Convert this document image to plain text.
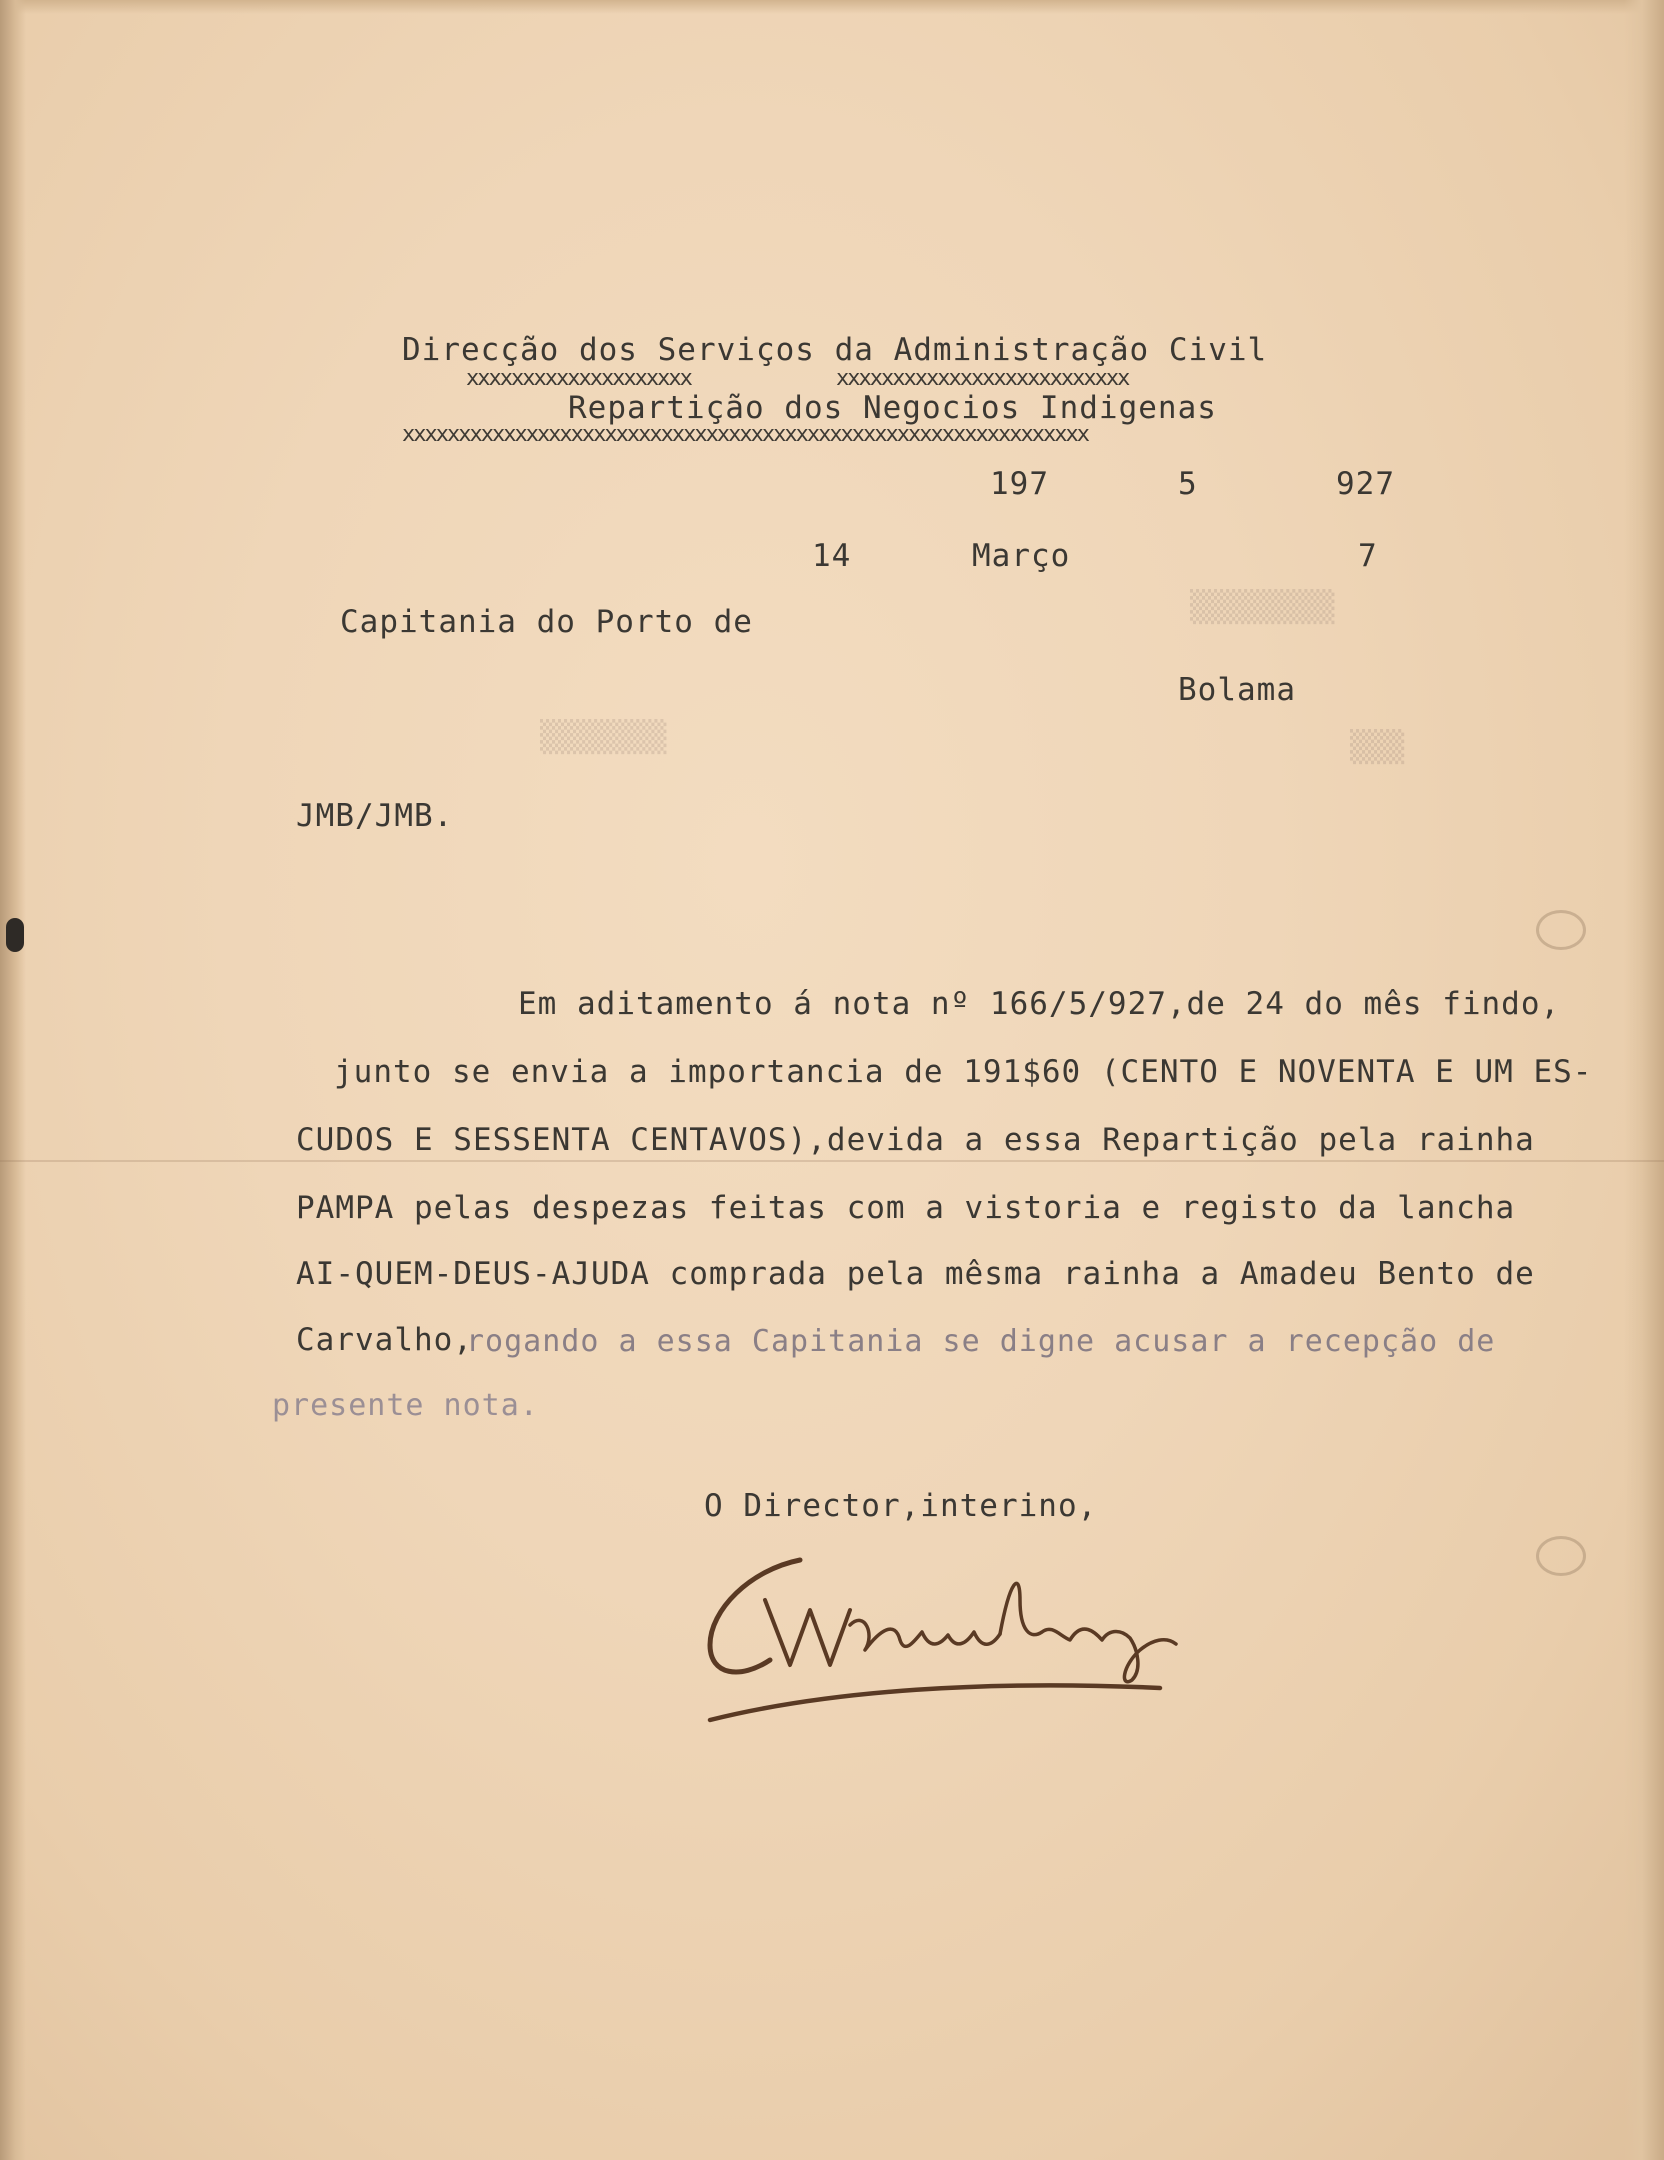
▒▒▒▒▒▒▒▒
▒▒▒▒▒▒▒	▒▒▒
Direcção dos Serviços da Administração Civil
xxxxxxxxxxxxxxxxxxxx	xxxxxxxxxxxxxxxxxxxxxxxxxx
Repartição dos Negocios Indigenas
xxxxxxxxxxxxxxxxxxxxxxxxxxxxxxxxxxxxxxxxxxxxxxxxxxxxxxxxxxxxx
197	5	927
14	Março	7
Capitania do Porto de
Bolama
JMB/JMB.
Em aditamento á nota nº 166/5/927,de 24 do mês findo,
junto se envia a importancia de 191$60 (CENTO E NOVENTA E UM ES-
CUDOS E SESSENTA CENTAVOS),devida a essa Repartição pela rainha
PAMPA pelas despezas feitas com a vistoria e registo da lancha
AI-QUEM-DEUS-AJUDA comprada pela mêsma rainha a Amadeu Bento de
Carvalho,
rogando a essa Capitania se digne acusar a recepção de
presente nota.
O Director,interino,
